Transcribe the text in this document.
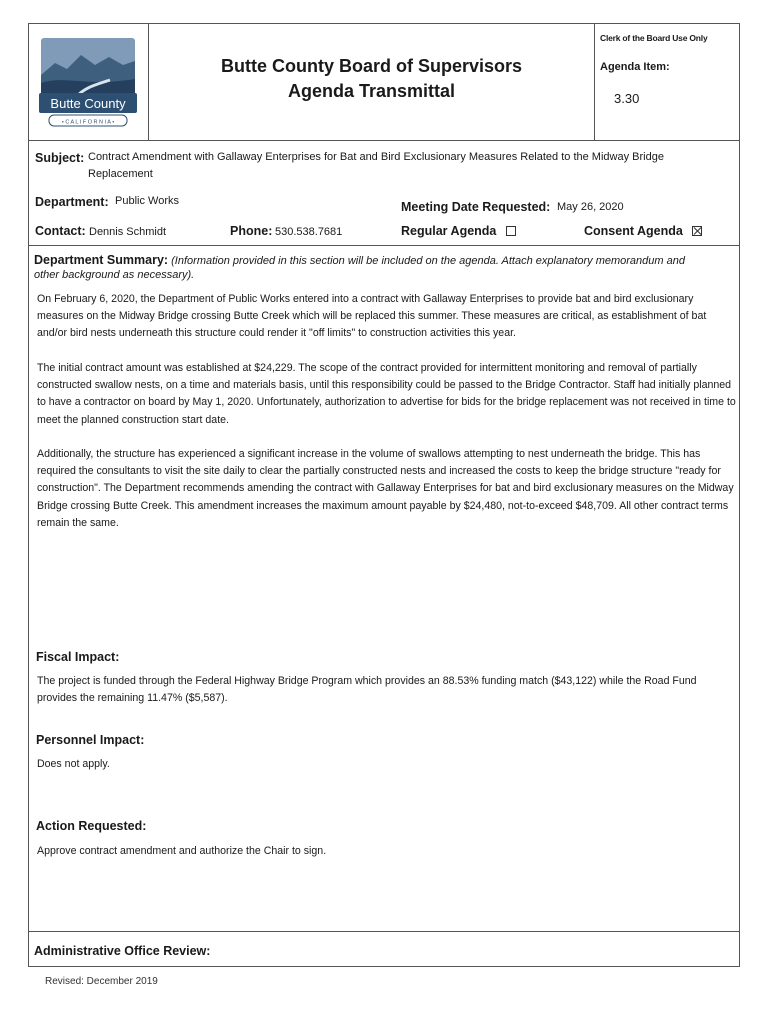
Butte County
• C A L I F O R N I A •
Butte County Board of Supervisors
Agenda Transmittal
Clerk of the Board Use Only
Agenda Item:
3.30
Subject: Contract Amendment with Gallaway Enterprises for Bat and Bird Exclusionary Measures Related to the Midway Bridge
Replacement
Department: Public Works	Meeting Date Requested: May 26, 2020
Contact: Dennis Schmidt	Phone: 530.538.7681	Regular Agenda	Consent Agenda
Department Summary: (Information provided in this section will be included on the agenda. Attach explanatory memorandum and
other background as necessary).
On February 6, 2020, the Department of Public Works entered into a contract with Gallaway Enterprises to provide bat and bird exclusionary measures on the Midway Bridge crossing Butte Creek which will be replaced this summer. These measures are critical, as establishment of bat and/or bird nests underneath this structure could render it "off limits" to construction activities this year.
The initial contract amount was established at $24,229. The scope of the contract provided for intermittent monitoring and removal of partially constructed swallow nests, on a time and materials basis, until this responsibility could be passed to the Bridge Contractor. Staff had initially planned to have a contractor on board by May 1, 2020. Unfortunately, authorization to advertise for bids for the bridge replacement was not received in time to meet the planned construction start date.
Additionally, the structure has experienced a significant increase in the volume of swallows attempting to nest underneath the bridge. This has required the consultants to visit the site daily to clear the partially constructed nests and increased the costs to keep the bridge structure "ready for construction". The Department recommends amending the contract with Gallaway Enterprises for bat and bird exclusionary measures on the Midway Bridge crossing Butte Creek. This amendment increases the maximum amount payable by $24,480, not-to-exceed $48,709. All other contract terms remain the same.
Fiscal Impact:
The project is funded through the Federal Highway Bridge Program which provides an 88.53% funding match ($43,122) while the Road Fund provides the remaining 11.47% ($5,587).
Personnel Impact:
Does not apply.
Action Requested:
Approve contract amendment and authorize the Chair to sign.
Administrative Office Review:
Revised: December 2019
